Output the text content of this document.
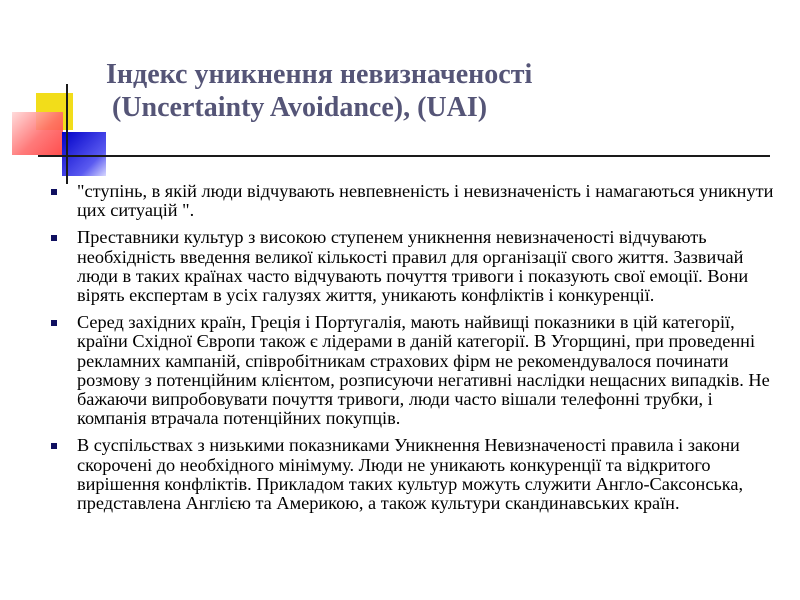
Індекс уникнення невизначеності
(Uncertainty Avoidance), (UAI)
"ступінь, в якій люди відчувають невпевненість і невизначеність і намагаються уникнути цих ситуацій ".
Преставники культур з високою ступенем уникнення невизначеності відчувають необхідність введення великої кількості правил для організації свого життя. Зазвичай люди в таких країнах часто відчувають почуття тривоги і показують свої емоції. Вони вірять експертам в усіх галузях життя, уникають конфліктів і конкуренції.
Серед західних країн, Греція і Португалія, мають найвищі показники в цій категорії, країни Східної Європи також є лідерами в даній категорії. В Угорщині, при проведенні рекламних кампаній, співробітникам страхових фірм не рекомендувалося починати розмову з потенційним клієнтом, розписуючи негативні наслідки нещасних випадків. Не бажаючи випробовувати почуття тривоги, люди часто вішали телефонні трубки, і компанія втрачала потенційних покупців.
В суспільствах з низькими показниками Уникнення Невизначеності правила і закони скорочені до необхідного мінімуму. Люди не уникають конкуренції та відкритого вирішення конфліктів. Прикладом таких культур можуть служити Англо-Саксонська, представлена Англією та Америкою, а також культури скандинавських країн.
